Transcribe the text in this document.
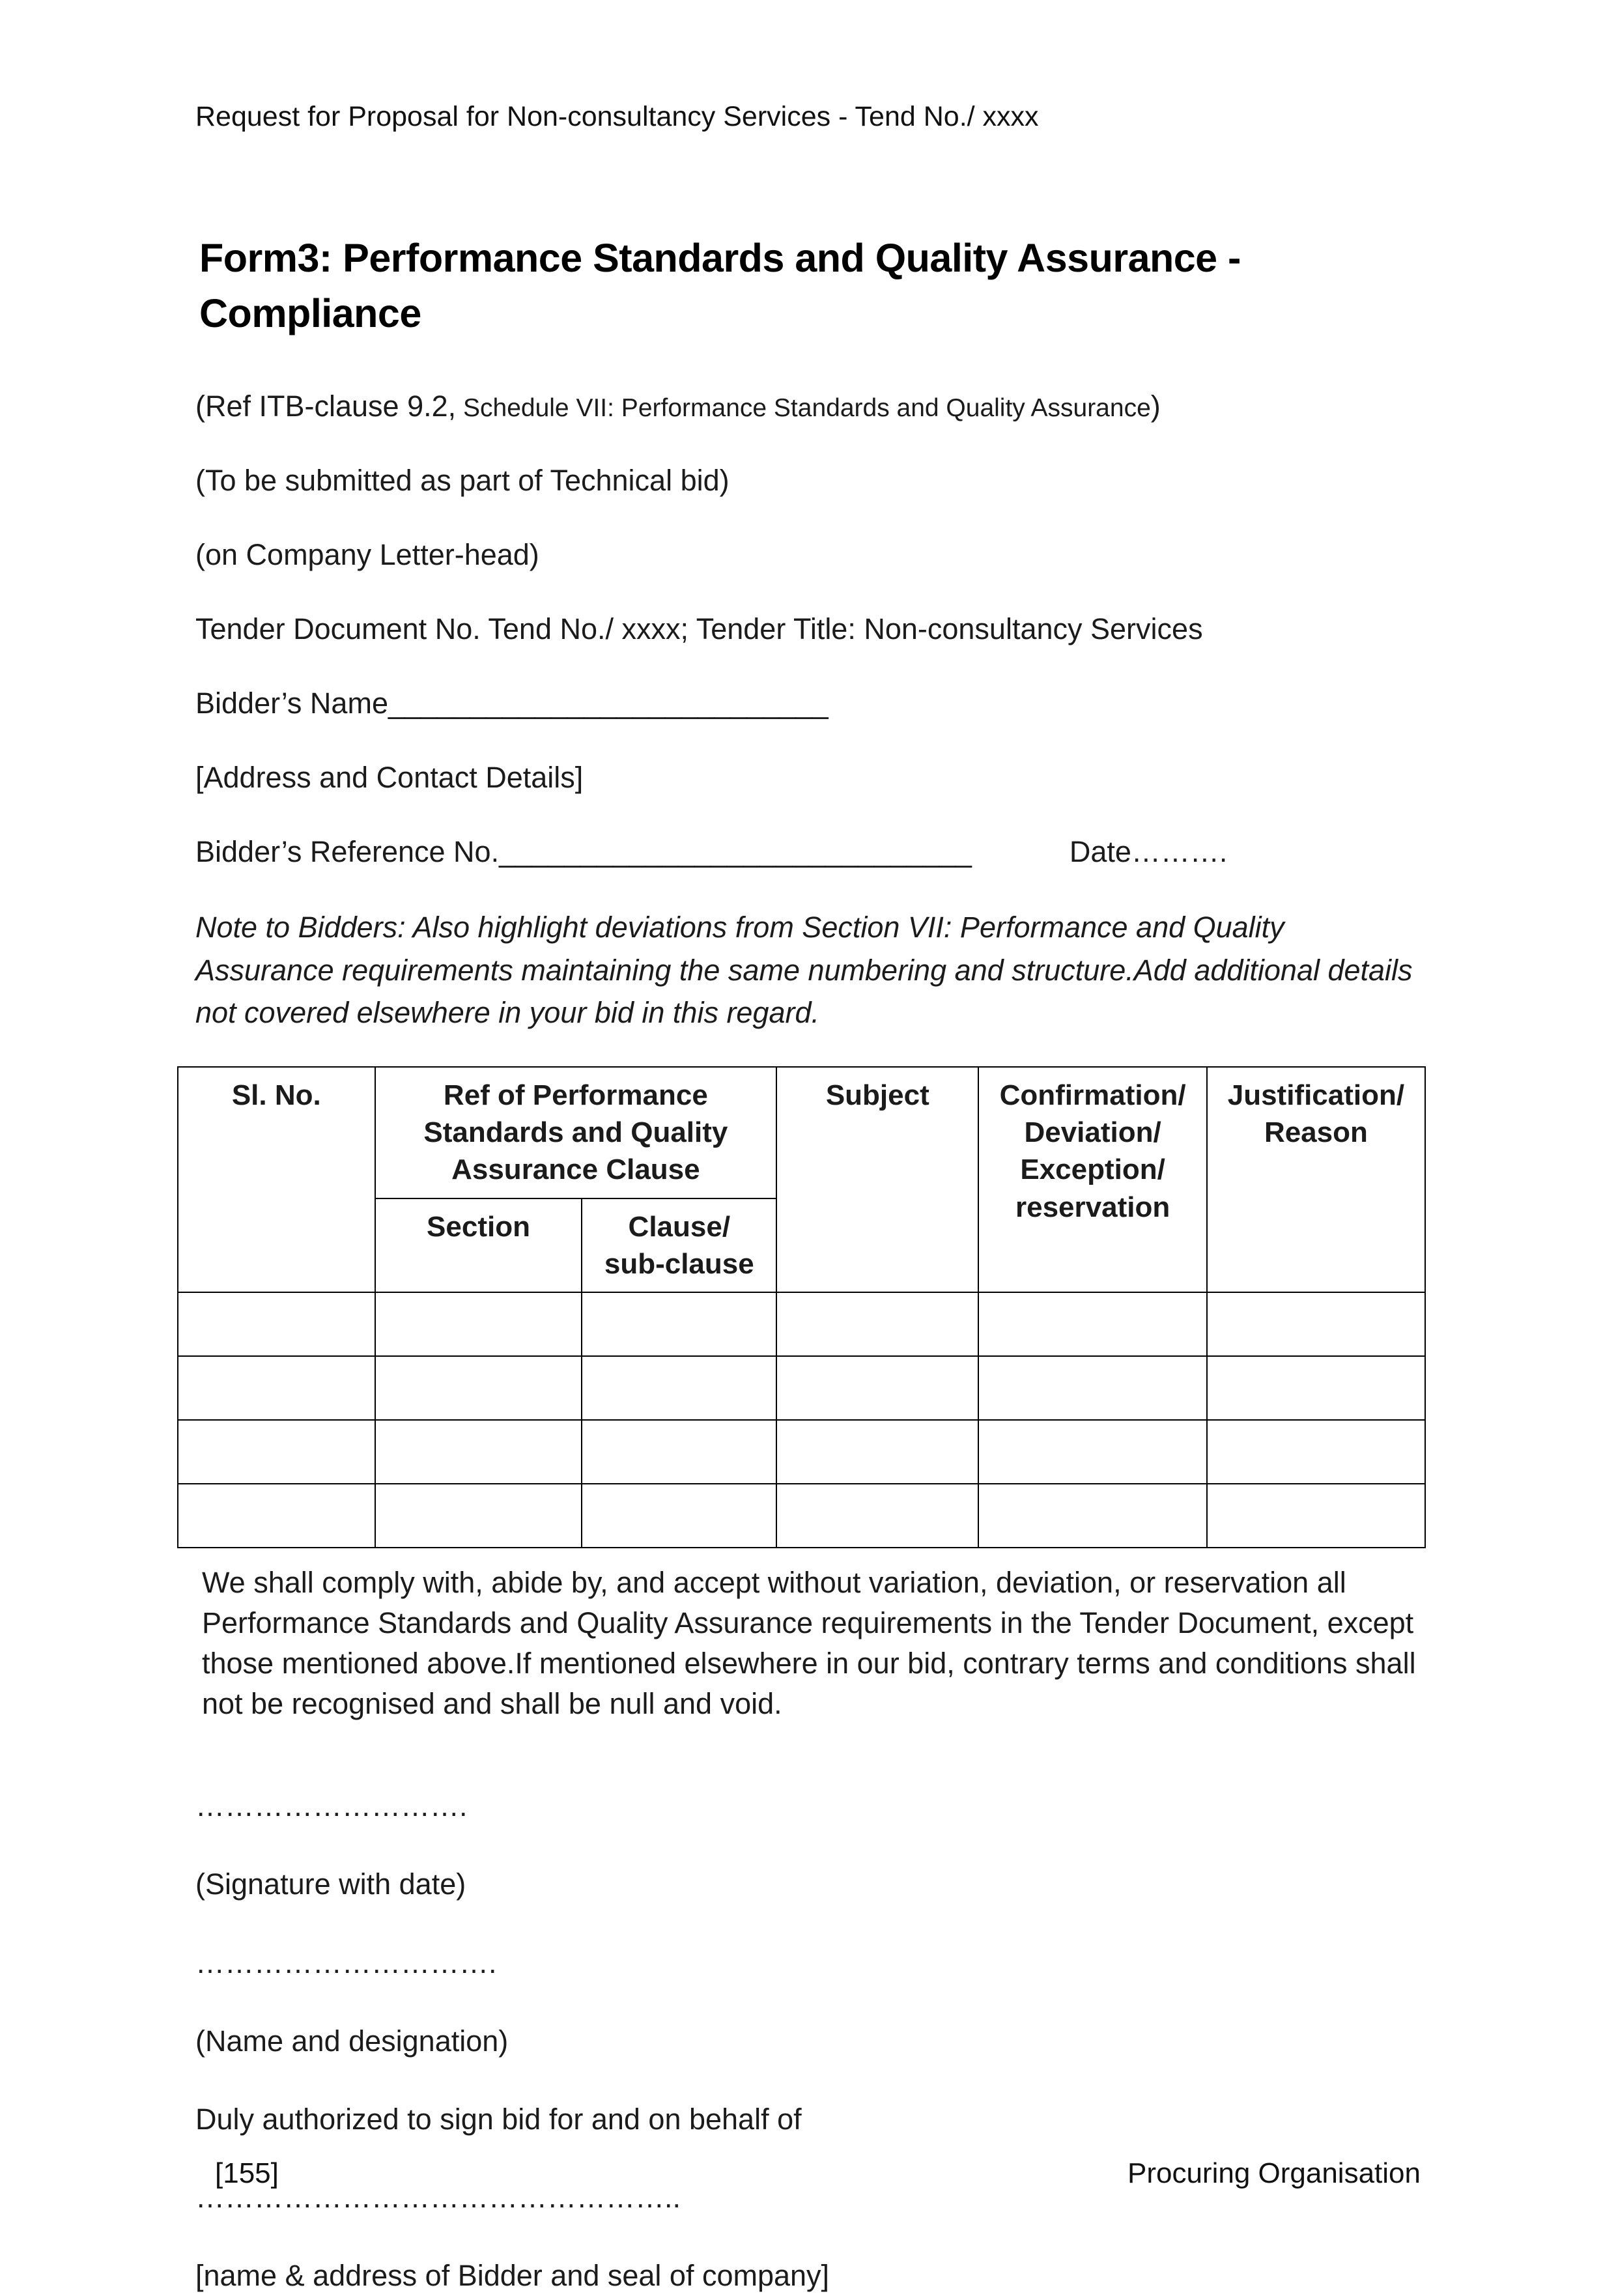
Request for Proposal for Non-consultancy Services - Tend No./ xxxx
Form3: Performance Standards and Quality Assurance - Compliance

(Ref ITB-clause 9.2, Schedule VII: Performance Standards and Quality Assurance)

(To be submitted as part of Technical bid)

(on Company Letter-head)

Tender Document No. Tend No./ xxxx; Tender Title: Non-consultancy Services

Bidder’s Name___________________________

[Address and Contact Details]

Bidder’s Reference No._____________________________	Date……….

Note to Bidders: Also highlight deviations from Section VII: Performance and Quality Assurance requirements maintaining the same numbering and structure.Add additional details not covered elsewhere in your bid in this regard.

Sl. No.	Ref of Performance Standards and Quality Assurance Clause		Subject	Confirmation/ Deviation/ Exception/ reservation	Justification/ Reason
	Section	Clause/ sub-clause			

We shall comply with, abide by, and accept without variation, deviation, or reservation all Performance Standards and Quality Assurance requirements in the Tender Document, except those mentioned above.If mentioned elsewhere in our bid, contrary terms and conditions shall not be recognised and shall be null and void.

……………………….

(Signature with date)

………………………….

(Name and designation)

Duly authorized to sign bid for and on behalf of

…………………………………………..

[name & address of Bidder and seal of company]

[155]	Procuring Organisation
